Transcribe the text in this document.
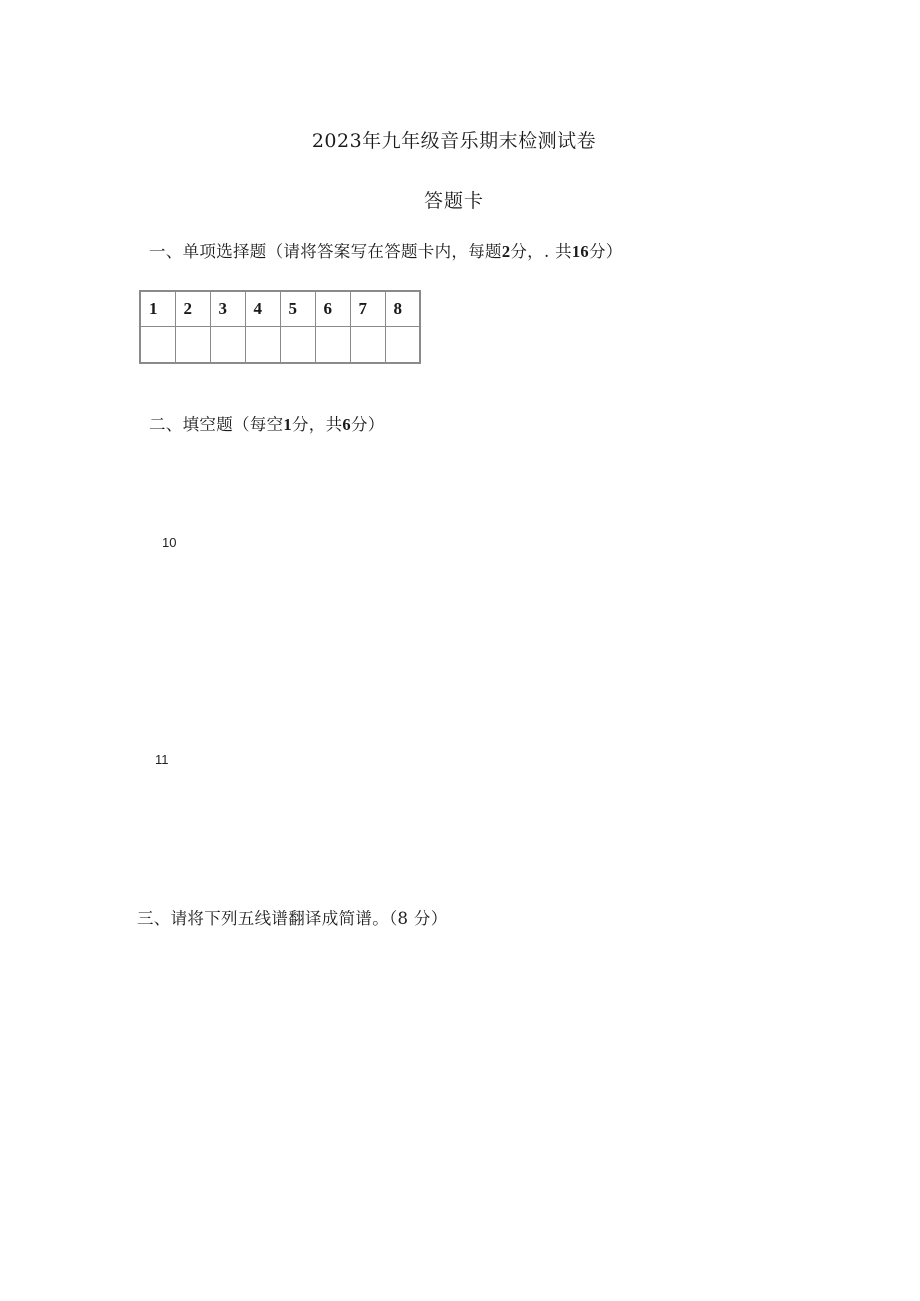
2023年九年级音乐期末检测试卷
答题卡
一、单项选择题（请将答案写在答题卡内，每题2分，. 共16分）
1	2	3	4	5	6	7	8

二、填空题（每空1分，共6分）
10
11
三、请将下列五线谱翻译成简谱。（8 分）
